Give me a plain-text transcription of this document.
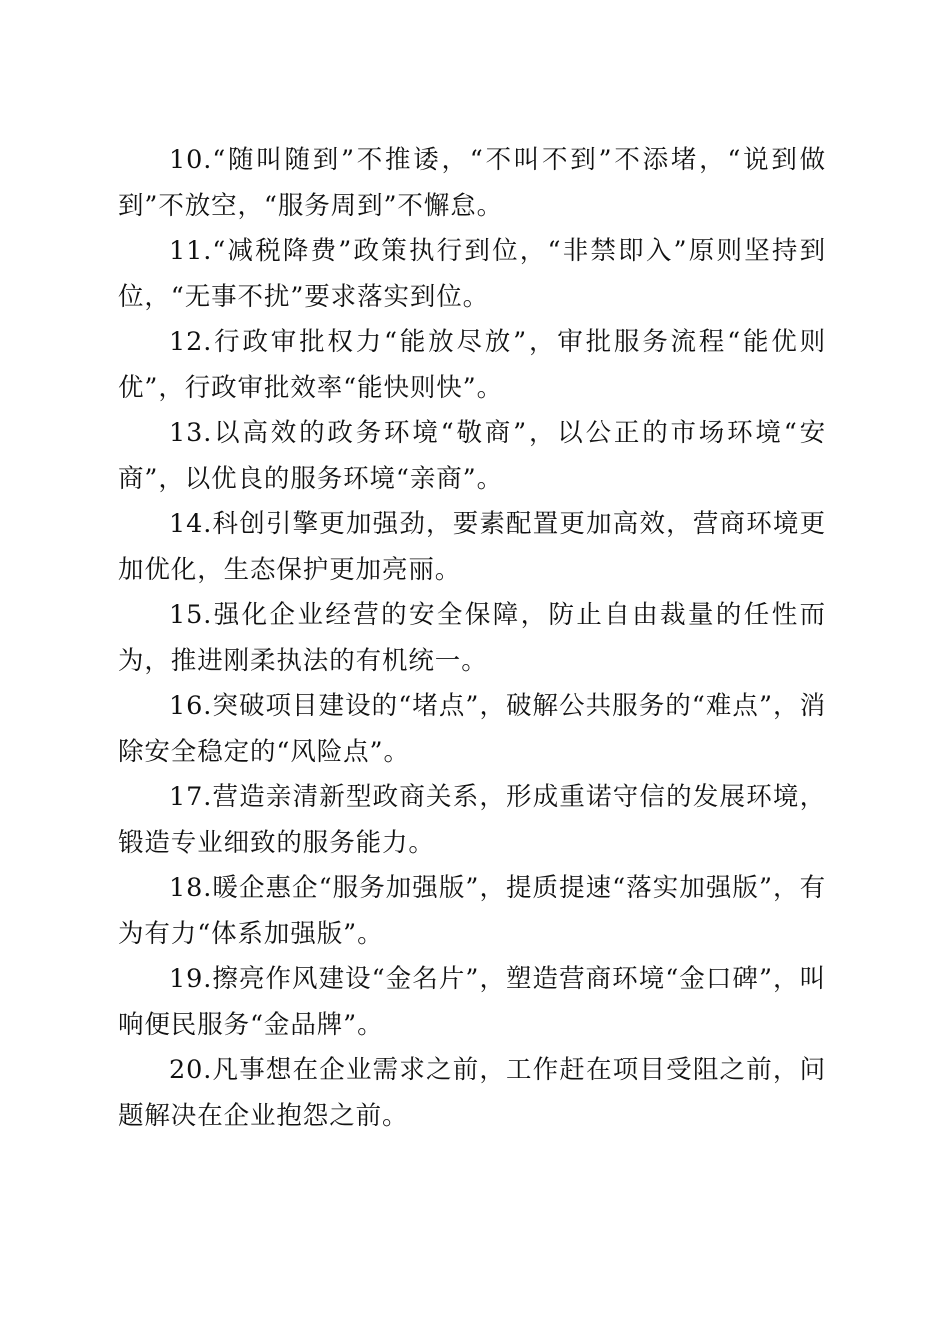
10.“随叫随到”不推诿，“不叫不到”不添堵，“说到做到”不放空，“服务周到”不懈怠。

11.“减税降费”政策执行到位，“非禁即入”原则坚持到位，“无事不扰”要求落实到位。

12.行政审批权力“能放尽放”，审批服务流程“能优则优”，行政审批效率“能快则快”。

13.以高效的政务环境“敬商”，以公正的市场环境“安商”，以优良的服务环境“亲商”。

14.科创引擎更加强劲，要素配置更加高效，营商环境更加优化，生态保护更加亮丽。

15.强化企业经营的安全保障，防止自由裁量的任性而为，推进刚柔执法的有机统一。

16.突破项目建设的“堵点”，破解公共服务的“难点”，消除安全稳定的“风险点”。

17.营造亲清新型政商关系，形成重诺守信的发展环境，锻造专业细致的服务能力。

18.暖企惠企“服务加强版”，提质提速“落实加强版”，有为有力“体系加强版”。

19.擦亮作风建设“金名片”，塑造营商环境“金口碑”，叫响便民服务“金品牌”。

20.凡事想在企业需求之前，工作赶在项目受阻之前，问题解决在企业抱怨之前。
